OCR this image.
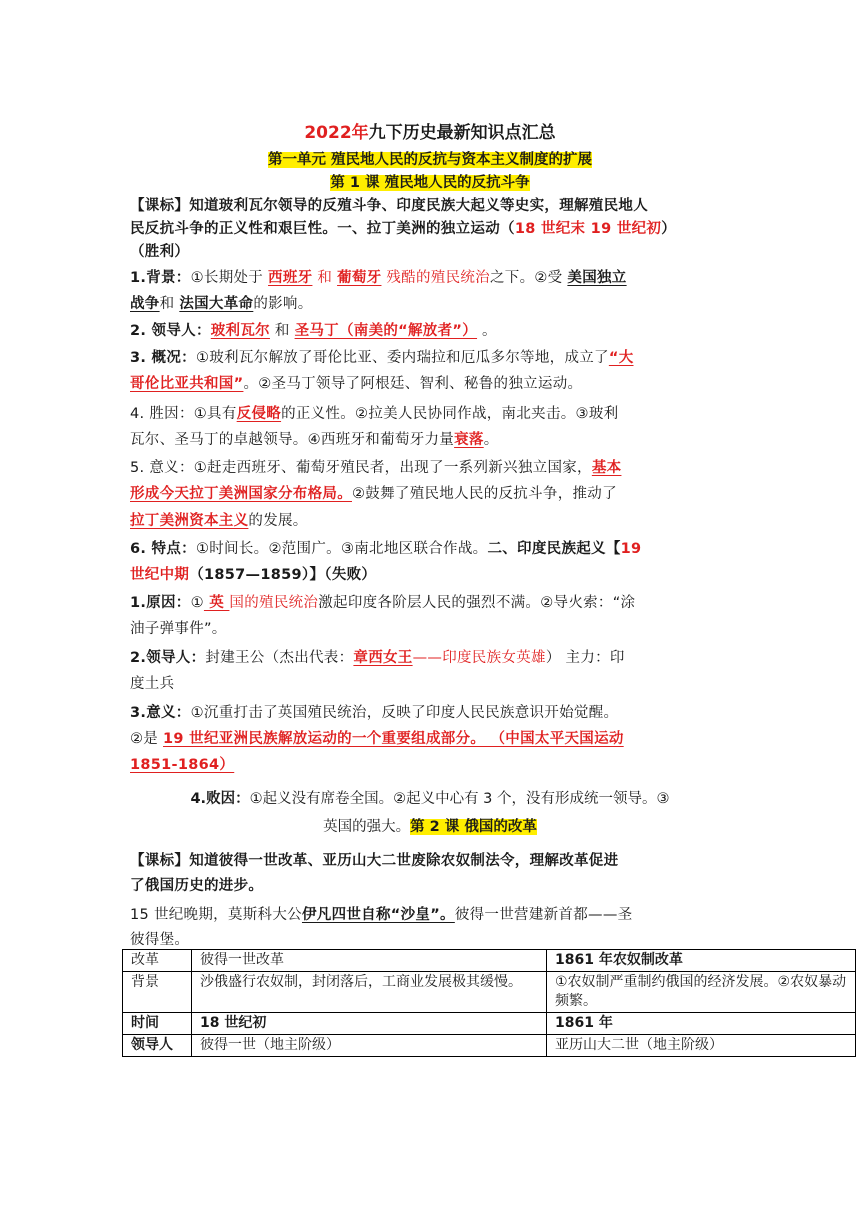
2022年九下历史最新知识点汇总
第一单元 殖民地人民的反抗与资本主义制度的扩展
第 1 课 殖民地人民的反抗斗争
【课标】知道玻利瓦尔领导的反殖斗争、印度民族大起义等史实，理解殖民地人
民反抗斗争的正义性和艰巨性。一、拉丁美洲的独立运动（18 世纪末 19 世纪初）
（胜利）
1.背景：①长期处于 西班牙 和 葡萄牙 残酷的殖民统治之下。②受 美国独立
战争和 法国大革命的影响。
2. 领导人：玻利瓦尔 和 圣马丁（南美的“解放者”） 。
3. 概况：①玻利瓦尔解放了哥伦比亚、委内瑞拉和厄瓜多尔等地，成立了“大
哥伦比亚共和国”。②圣马丁领导了阿根廷、智利、秘鲁的独立运动。
4. 胜因：①具有反侵略的正义性。②拉美人民协同作战，南北夹击。③玻利
瓦尔、圣马丁的卓越领导。④西班牙和葡萄牙力量衰落。
5. 意义：①赶走西班牙、葡萄牙殖民者，出现了一系列新兴独立国家，基本
形成今天拉丁美洲国家分布格局。②鼓舞了殖民地人民的反抗斗争，推动了
拉丁美洲资本主义的发展。
6. 特点：①时间长。②范围广。③南北地区联合作战。二、印度民族起义【19
世纪中期（1857—1859）】（失败）
1.原因：① 英 国的殖民统治激起印度各阶层人民的强烈不满。②导火索：“涂
油子弹事件”。
2.领导人：封建王公（杰出代表：章西女王——印度民族女英雄） 主力：印
度土兵
3.意义：①沉重打击了英国殖民统治，反映了印度人民民族意识开始觉醒。
②是 19 世纪亚洲民族解放运动的一个重要组成部分。 （中国太平天国运动
1851-1864）
4.败因：①起义没有席卷全国。②起义中心有 3 个，没有形成统一领导。③
英国的强大。第 2 课 俄国的改革
【课标】知道彼得一世改革、亚历山大二世废除农奴制法令，理解改革促进
了俄国历史的进步。
15 世纪晚期，莫斯科大公伊凡四世自称“沙皇”。彼得一世营建新首都——圣
彼得堡。
改革	彼得一世改革	1861 年农奴制改革
背景	沙俄盛行农奴制，封闭落后，工商业发展极其缓慢。	①农奴制严重制约俄国的经济发展。②农奴暴动频繁。
时间	18 世纪初	1861 年
领导人	彼得一世（地主阶级）	亚历山大二世（地主阶级）
